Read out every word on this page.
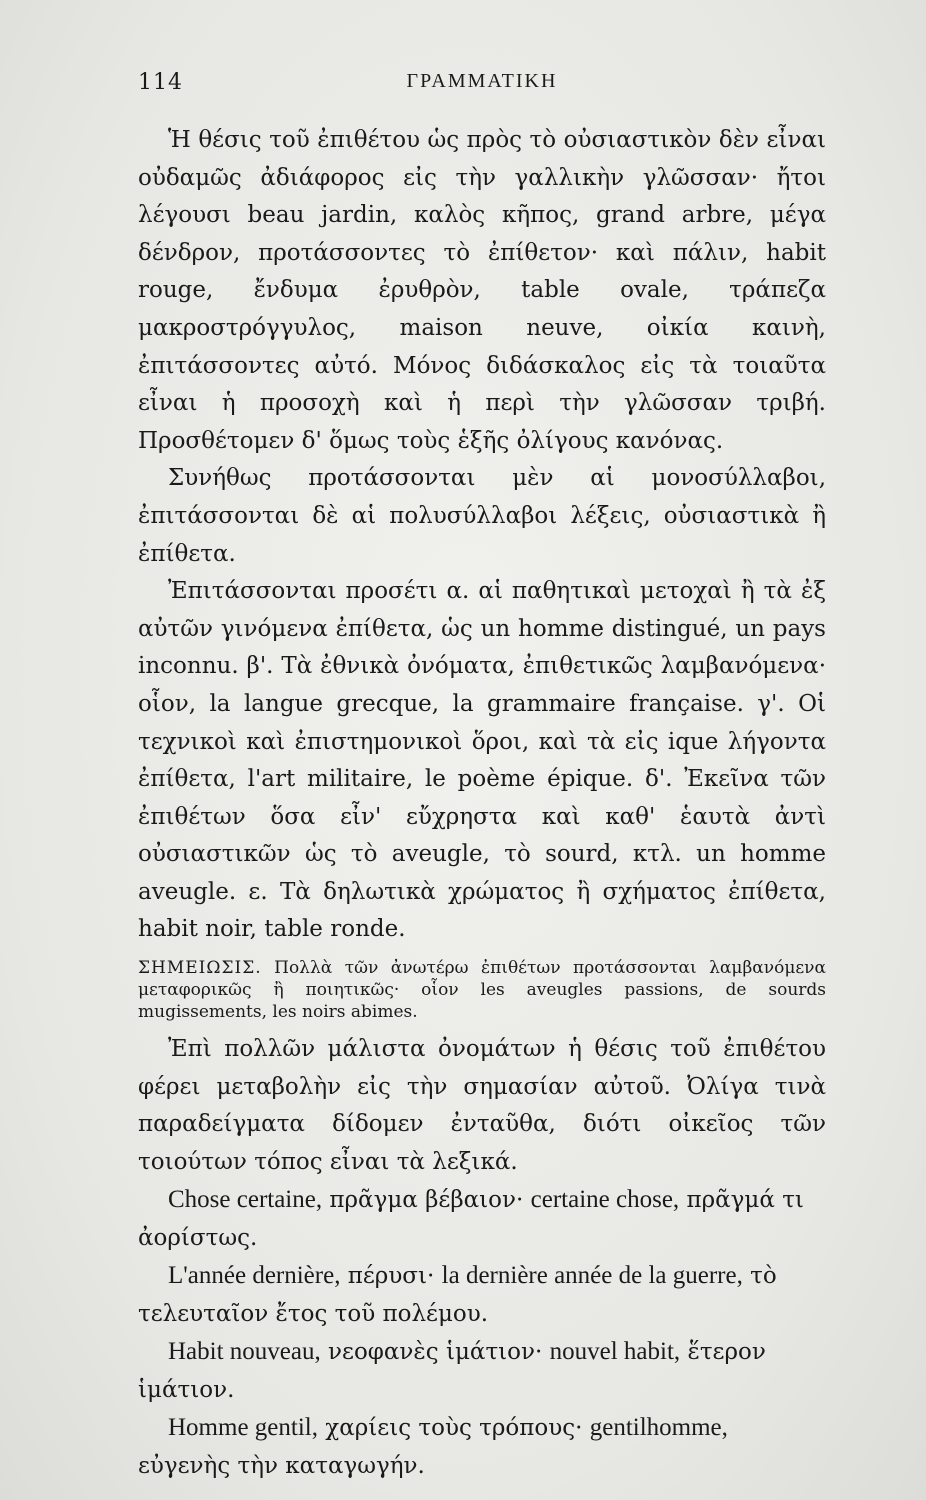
114	ΓΡΑΜΜΑΤΙΚΗ

Ἡ θέσις τοῦ ἐπιθέτου ὡς πρὸς τὸ οὐσιαστικὸν δὲν εἶναι οὐδαμῶς ἀδιάφορος εἰς τὴν γαλλικὴν γλῶσσαν· ἤτοι λέγουσι beau jardin, καλὸς κῆπος, grand arbre, μέγα δένδρον, προτάσσοντες τὸ ἐπίθετον· καὶ πάλιν, habit rouge, ἔνδυμα ἐρυθρὸν, table ovale, τράπεζα μακροστρόγγυλος, maison neuve, οἰκία καινὴ, ἐπιτάσσοντες αὐτό. Μόνος διδάσκαλος εἰς τὰ τοιαῦτα εἶναι ἡ προσοχὴ καὶ ἡ περὶ τὴν γλῶσσαν τριβή. Προσθέτομεν δ' ὅμως τοὺς ἑξῆς ὀλίγους κανόνας.

Συνήθως προτάσσονται μὲν αἱ μονοσύλλαβοι, ἐπιτάσσονται δὲ αἱ πολυσύλλαβοι λέξεις, οὐσιαστικὰ ἢ ἐπίθετα.

Ἐπιτάσσονται προσέτι α. αἱ παθητικαὶ μετοχαὶ ἢ τὰ ἐξ αὐτῶν γινόμενα ἐπίθετα, ὡς un homme distingué, un pays inconnu. β'. Τὰ ἐθνικὰ ὀνόματα, ἐπιθετικῶς λαμβανόμενα· οἷον, la langue grecque, la grammaire française. γ'. Οἱ τεχνικοὶ καὶ ἐπιστημονικοὶ ὅροι, καὶ τὰ εἰς ique λήγοντα ἐπίθετα, l'art militaire, le poème épique. δ'. Ἐκεῖνα τῶν ἐπιθέτων ὅσα εἶν' εὔχρηστα καὶ καθ' ἑαυτὰ ἀντὶ οὐσιαστικῶν ὡς τὸ aveugle, τὸ sourd, κτλ. un homme aveugle. ε. Τὰ δηλωτικὰ χρώματος ἢ σχήματος ἐπίθετα, habit noir, table ronde.

ΣΗΜΕΙΩΣΙΣ. Πολλὰ τῶν ἀνωτέρω ἐπιθέτων προτάσσονται λαμβανόμενα μεταφορικῶς ἢ ποιητικῶς· οἷον les aveugles passions, de sourds mugissements, les noirs abimes.

Ἐπὶ πολλῶν μάλιστα ὀνομάτων ἡ θέσις τοῦ ἐπιθέτου φέρει μεταβολὴν εἰς τὴν σημασίαν αὐτοῦ. Ὀλίγα τινὰ παραδείγματα δίδομεν ἐνταῦθα, διότι οἰκεῖος τῶν τοιούτων τόπος εἶναι τὰ λεξικά.

Chose certaine, πρᾶγμα βέβαιον· certaine chose, πρᾶγμά τι ἀορίστως.

L'année dernière, πέρυσι· la dernière année de la guerre, τὸ τελευταῖον ἔτος τοῦ πολέμου.

Habit nouveau, νεοφανὲς ἱμάτιον· nouvel habit, ἕτερον ἱμάτιον.

Homme gentil, χαρίεις τοὺς τρόπους· gentilhomme, εὐγενὴς τὴν καταγωγήν.
